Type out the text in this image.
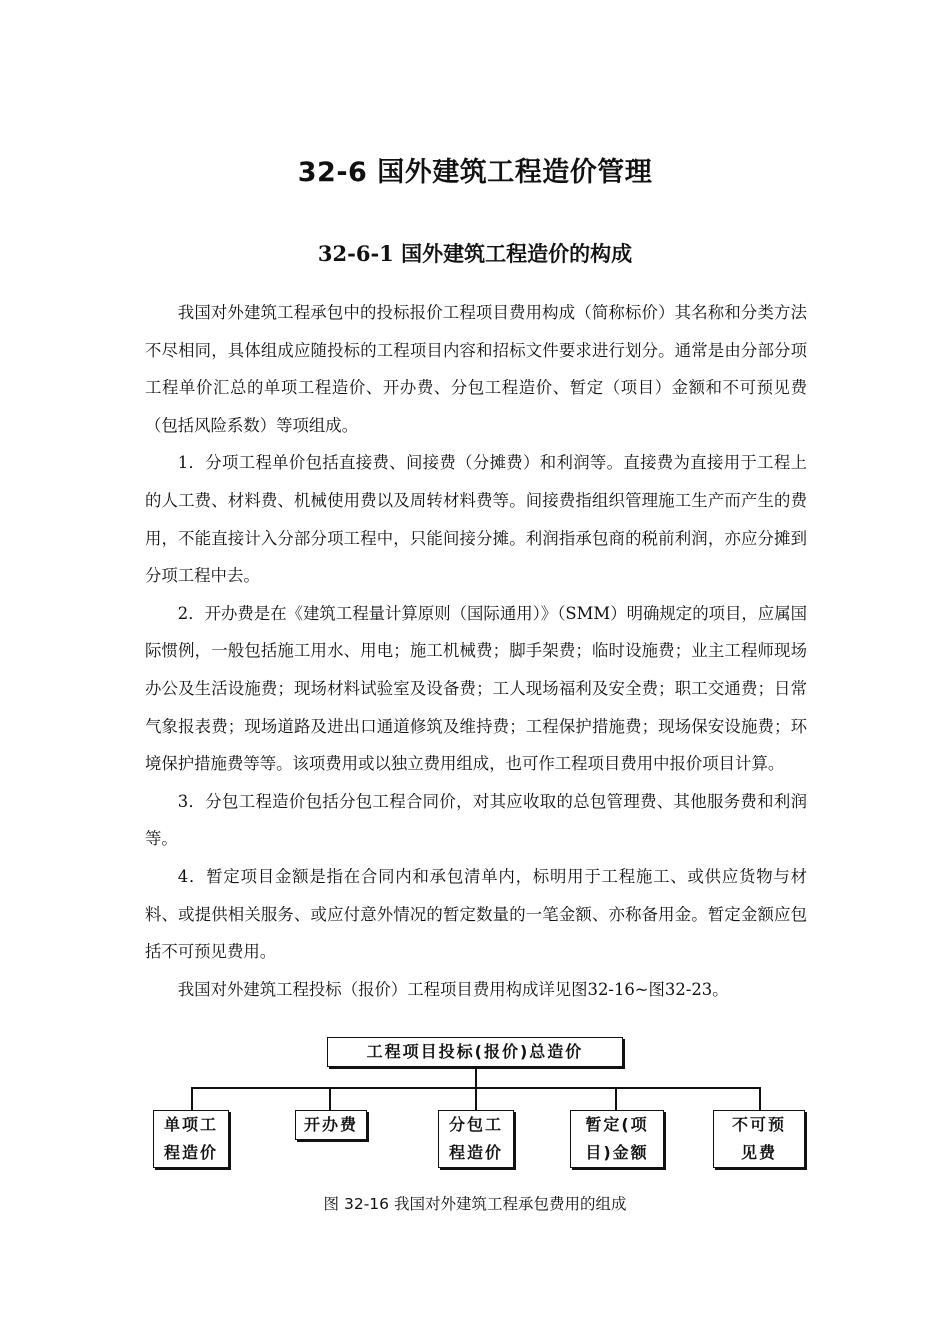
32-6 国外建筑工程造价管理
32-6-1 国外建筑工程造价的构成

我国对外建筑工程承包中的投标报价工程项目费用构成（简称标价）其名称和分类方法不尽相同，具体组成应随投标的工程项目内容和招标文件要求进行划分。通常是由分部分项工程单价汇总的单项工程造价、开办费、分包工程造价、暂定（项目）金额和不可预见费（包括风险系数）等项组成。

1．分项工程单价包括直接费、间接费（分摊费）和利润等。直接费为直接用于工程上的人工费、材料费、机械使用费以及周转材料费等。间接费指组织管理施工生产而产生的费用，不能直接计入分部分项工程中，只能间接分摊。利润指承包商的税前利润，亦应分摊到分项工程中去。

2．开办费是在《建筑工程量计算原则（国际通用）》（SMM）明确规定的项目，应属国际惯例，一般包括施工用水、用电；施工机械费；脚手架费；临时设施费；业主工程师现场办公及生活设施费；现场材料试验室及设备费；工人现场福利及安全费；职工交通费；日常气象报表费；现场道路及进出口通道修筑及维持费；工程保护措施费；现场保安设施费；环境保护措施费等等。该项费用或以独立费用组成，也可作工程项目费用中报价项目计算。

3．分包工程造价包括分包工程合同价，对其应收取的总包管理费、其他服务费和利润等。

4．暂定项目金额是指在合同内和承包清单内，标明用于工程施工、或供应货物与材料、或提供相关服务、或应付意外情况的暂定数量的一笔金额、亦称备用金。暂定金额应包括不可预见费用。

我国对外建筑工程投标（报价）工程项目费用构成详见图32-16~图32-23。

工程项目投标(报价)总造价
单项工
程造价
开办费	分包工
程造价
暂定(项
目)金额
不可预
见费
图 32-16 我国对外建筑工程承包费用的组成
